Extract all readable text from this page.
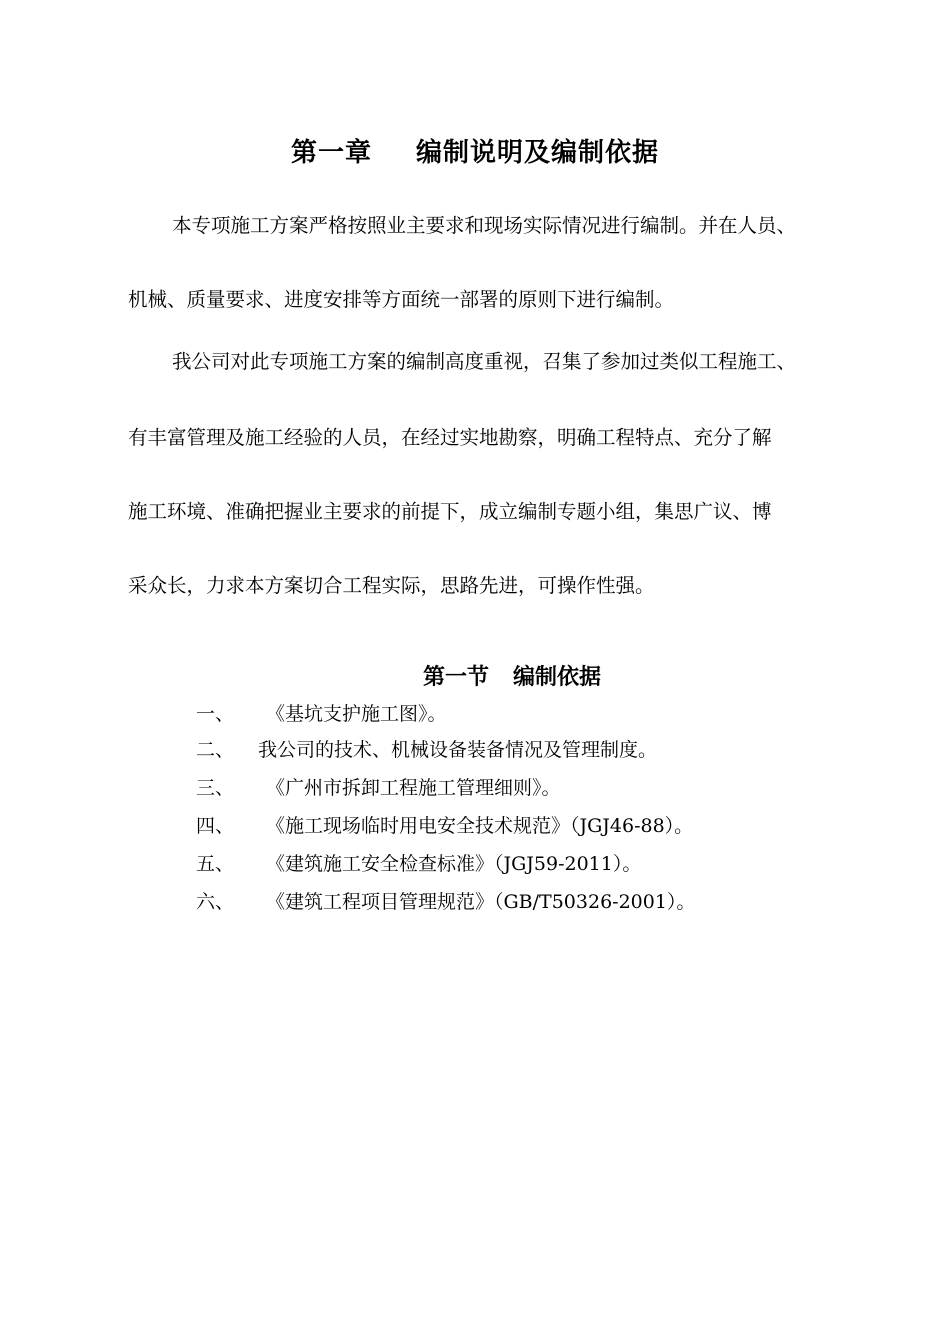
第一章 编制说明及编制依据

本专项施工方案严格按照业主要求和现场实际情况进行编制。并在人员、

机械、质量要求、进度安排等方面统一部署的原则下进行编制。

我公司对此专项施工方案的编制高度重视，召集了参加过类似工程施工、

有丰富管理及施工经验的人员，在经过实地勘察，明确工程特点、充分了解

施工环境、准确把握业主要求的前提下，成立编制专题小组，集思广议、博

采众长，力求本方案切合工程实际，思路先进，可操作性强。

第一节 编制依据
一、 《基坑支护施工图》。
二、 我公司的技术、机械设备装备情况及管理制度。
三、 《广州市拆卸工程施工管理细则》。
四、 《施工现场临时用电安全技术规范》（JGJ46-88）。
五、 《建筑施工安全检查标准》（JGJ59-2011）。
六、 《建筑工程项目管理规范》（GB/T50326-2001）。
